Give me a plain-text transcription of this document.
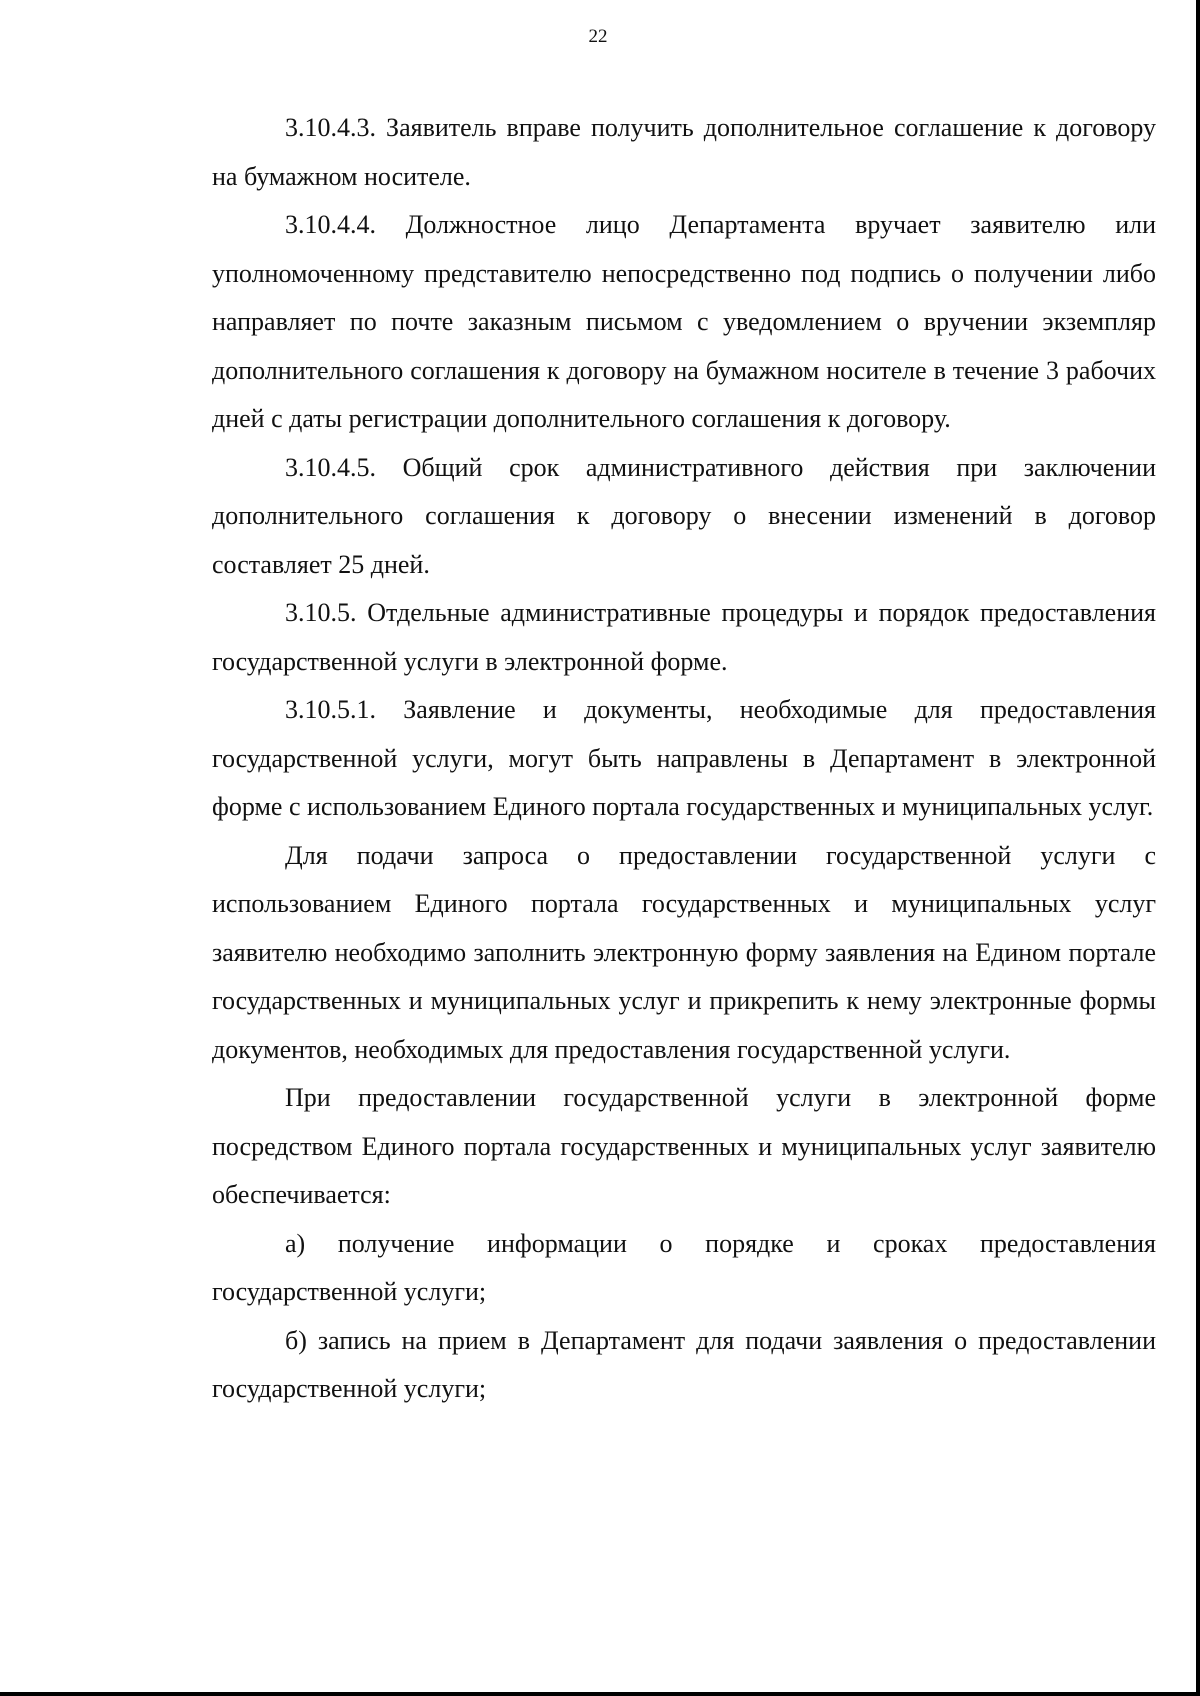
22

3.10.4.3. Заявитель вправе получить дополнительное соглашение к договору на бумажном носителе.

3.10.4.4. Должностное лицо Департамента вручает заявителю или уполномоченному представителю непосредственно под подпись о получении либо направляет по почте заказным письмом с уведомлением о вручении экземпляр дополнительного соглашения к договору на бумажном носителе в течение 3 рабочих дней с даты регистрации дополнительного соглашения к договору.

3.10.4.5. Общий срок административного действия при заключении дополнительного соглашения к договору о внесении изменений в договор составляет 25 дней.

3.10.5. Отдельные административные процедуры и порядок предоставления государственной услуги в электронной форме.

3.10.5.1. Заявление и документы, необходимые для предоставления государственной услуги, могут быть направлены в Департамент в электронной форме с использованием Единого портала государственных и муниципальных услуг.

Для подачи запроса о предоставлении государственной услуги с использованием Единого портала государственных и муниципальных услуг заявителю необходимо заполнить электронную форму заявления на Едином портале государственных и муниципальных услуг и прикрепить к нему электронные формы документов, необходимых для предоставления государственной услуги.

При предоставлении государственной услуги в электронной форме посредством Единого портала государственных и муниципальных услуг заявителю обеспечивается:

а) получение информации о порядке и сроках предоставления государственной услуги;

б) запись на прием в Департамент для подачи заявления о предоставлении государственной услуги;
